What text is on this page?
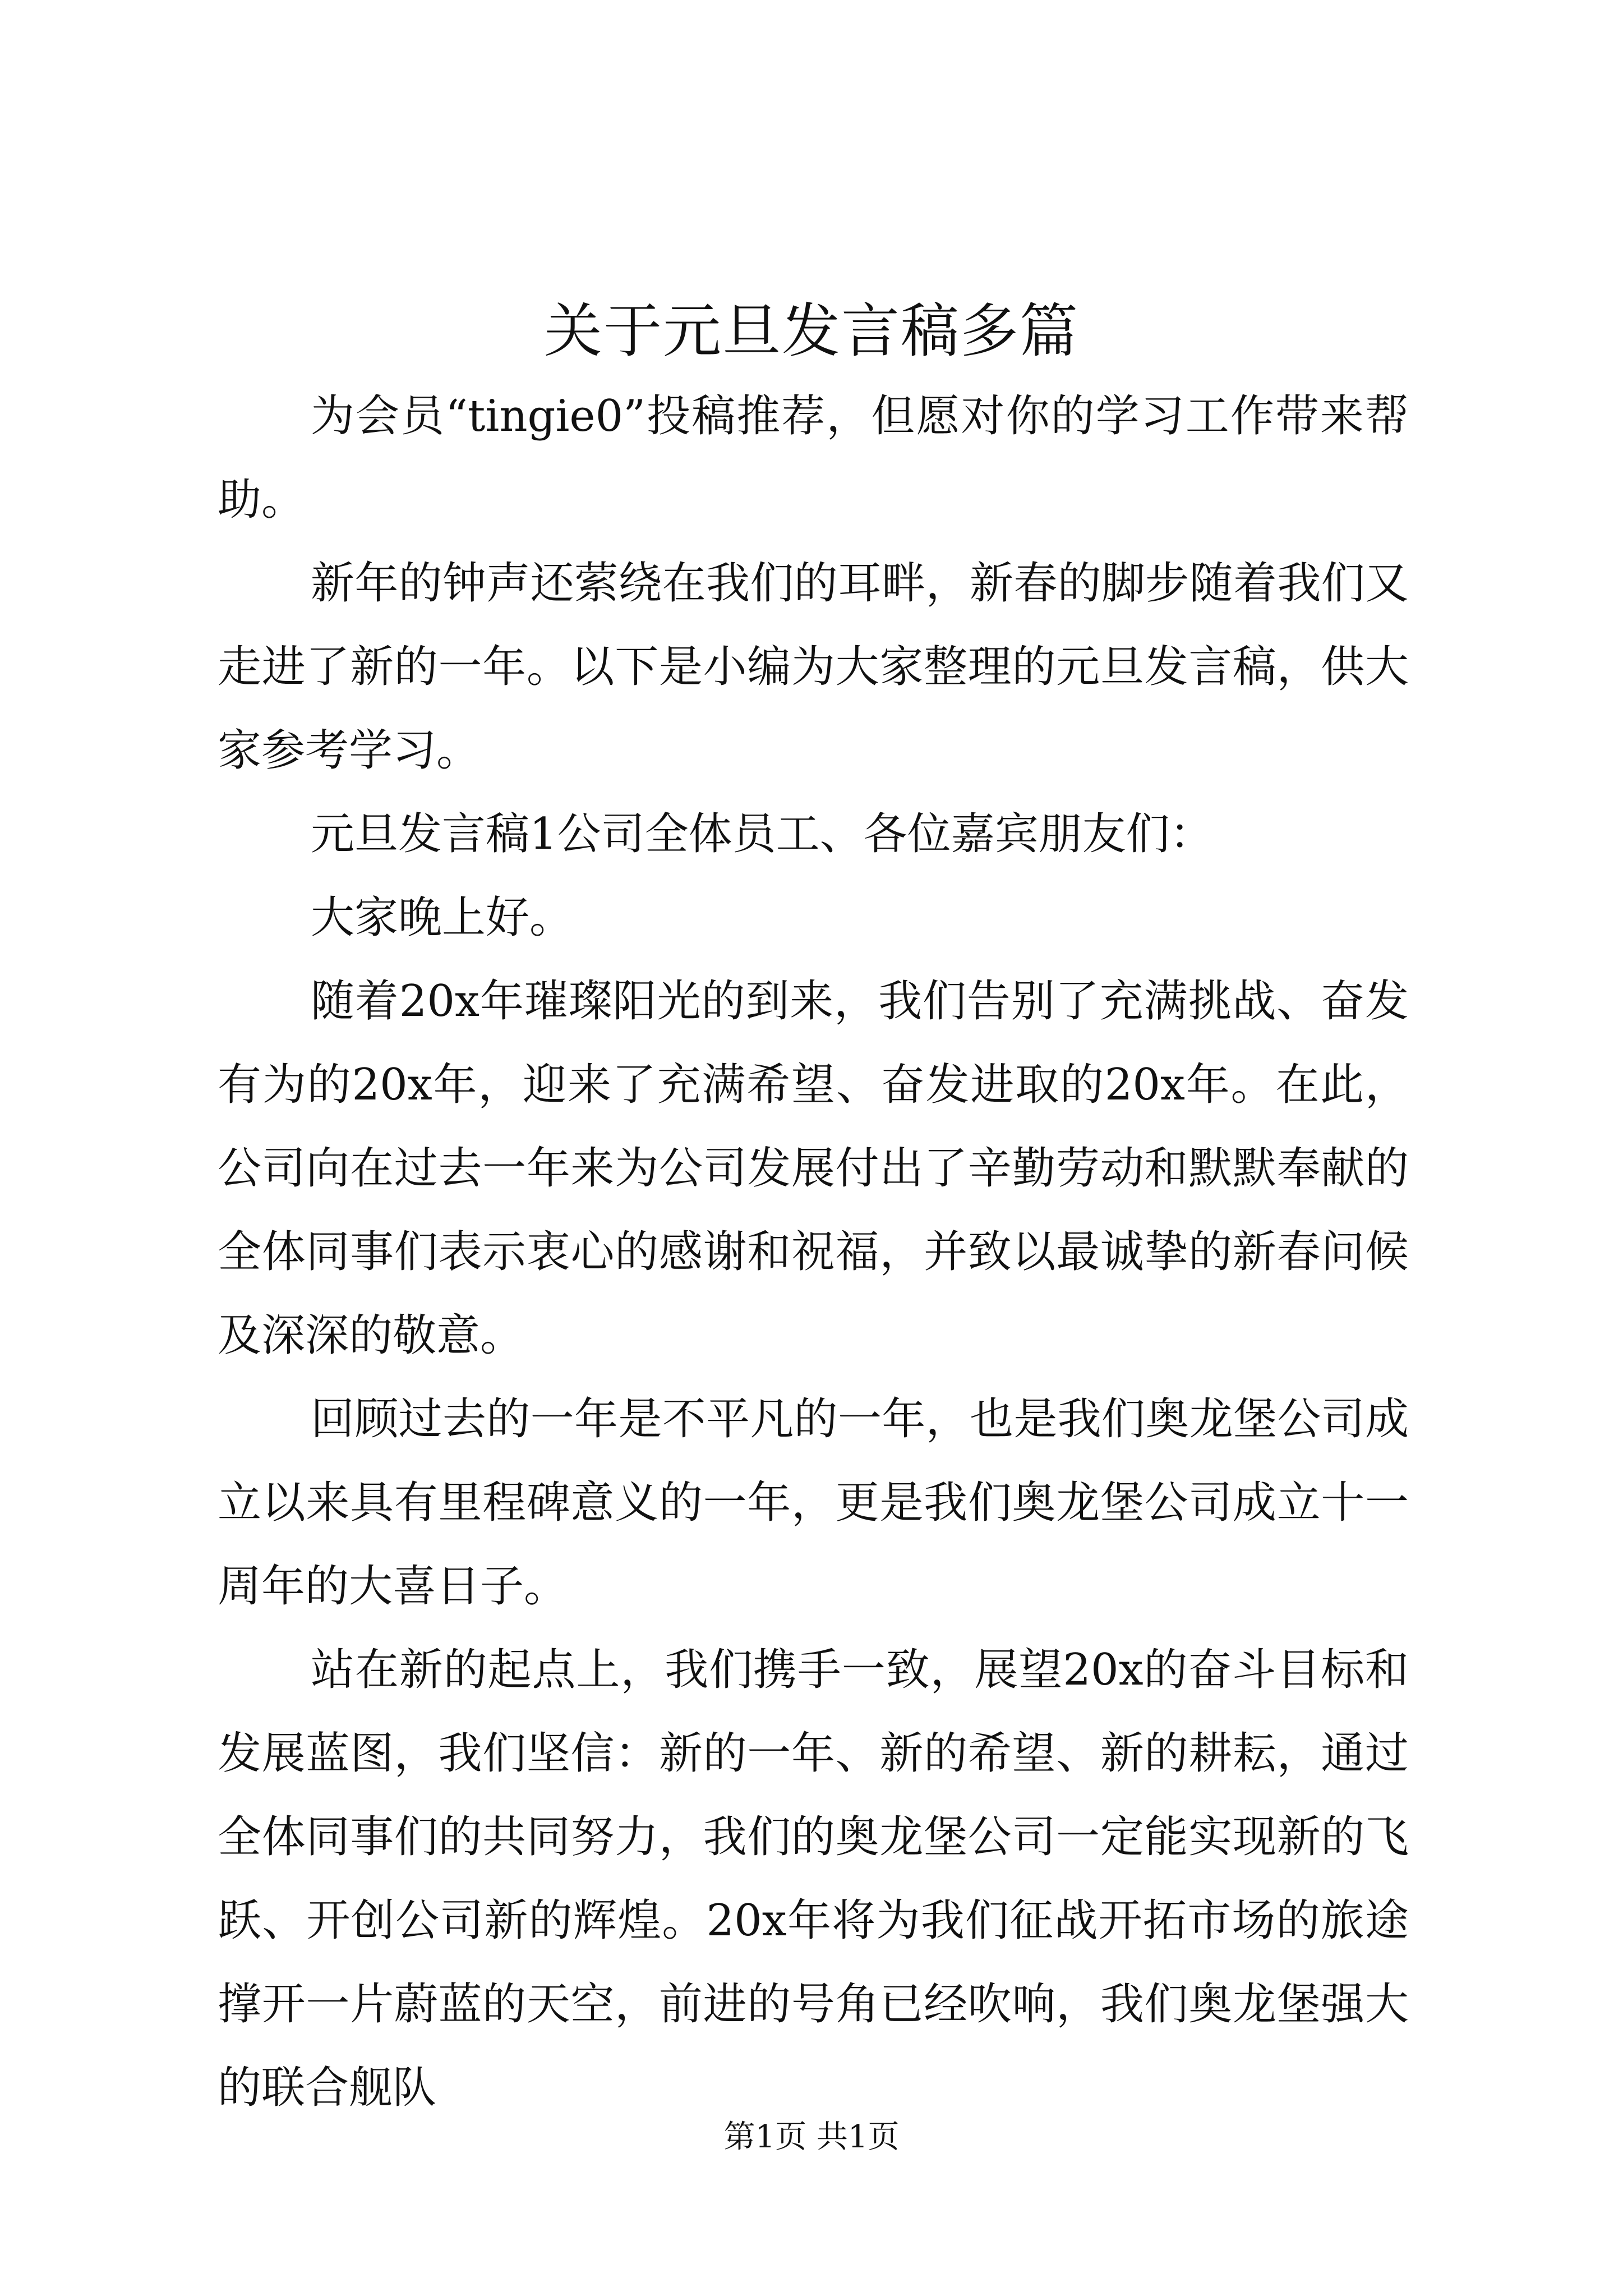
关于元旦发言稿多篇

为会员“tingie0”投稿推荐，但愿对你的学习工作带来帮助。

新年的钟声还萦绕在我们的耳畔，新春的脚步随着我们又走进了新的一年。以下是小编为大家整理的元旦发言稿，供大家参考学习。

元旦发言稿1公司全体员工、各位嘉宾朋友们：

大家晚上好。

随着20x年璀璨阳光的到来，我们告别了充满挑战、奋发有为的20x年，迎来了充满希望、奋发进取的20x年。在此，公司向在过去一年来为公司发展付出了辛勤劳动和默默奉献的全体同事们表示衷心的感谢和祝福，并致以最诚挚的新春问候及深深的敬意。

回顾过去的一年是不平凡的一年，也是我们奥龙堡公司成立以来具有里程碑意义的一年，更是我们奥龙堡公司成立十一周年的大喜日子。

站在新的起点上，我们携手一致，展望20x的奋斗目标和发展蓝图，我们坚信：新的一年、新的希望、新的耕耘，通过全体同事们的共同努力，我们的奥龙堡公司一定能实现新的飞跃、开创公司新的辉煌。20x年将为我们征战开拓市场的旅途撑开一片蔚蓝的天空，前进的号角已经吹响，我们奥龙堡强大的联合舰队

第1页 共1页
